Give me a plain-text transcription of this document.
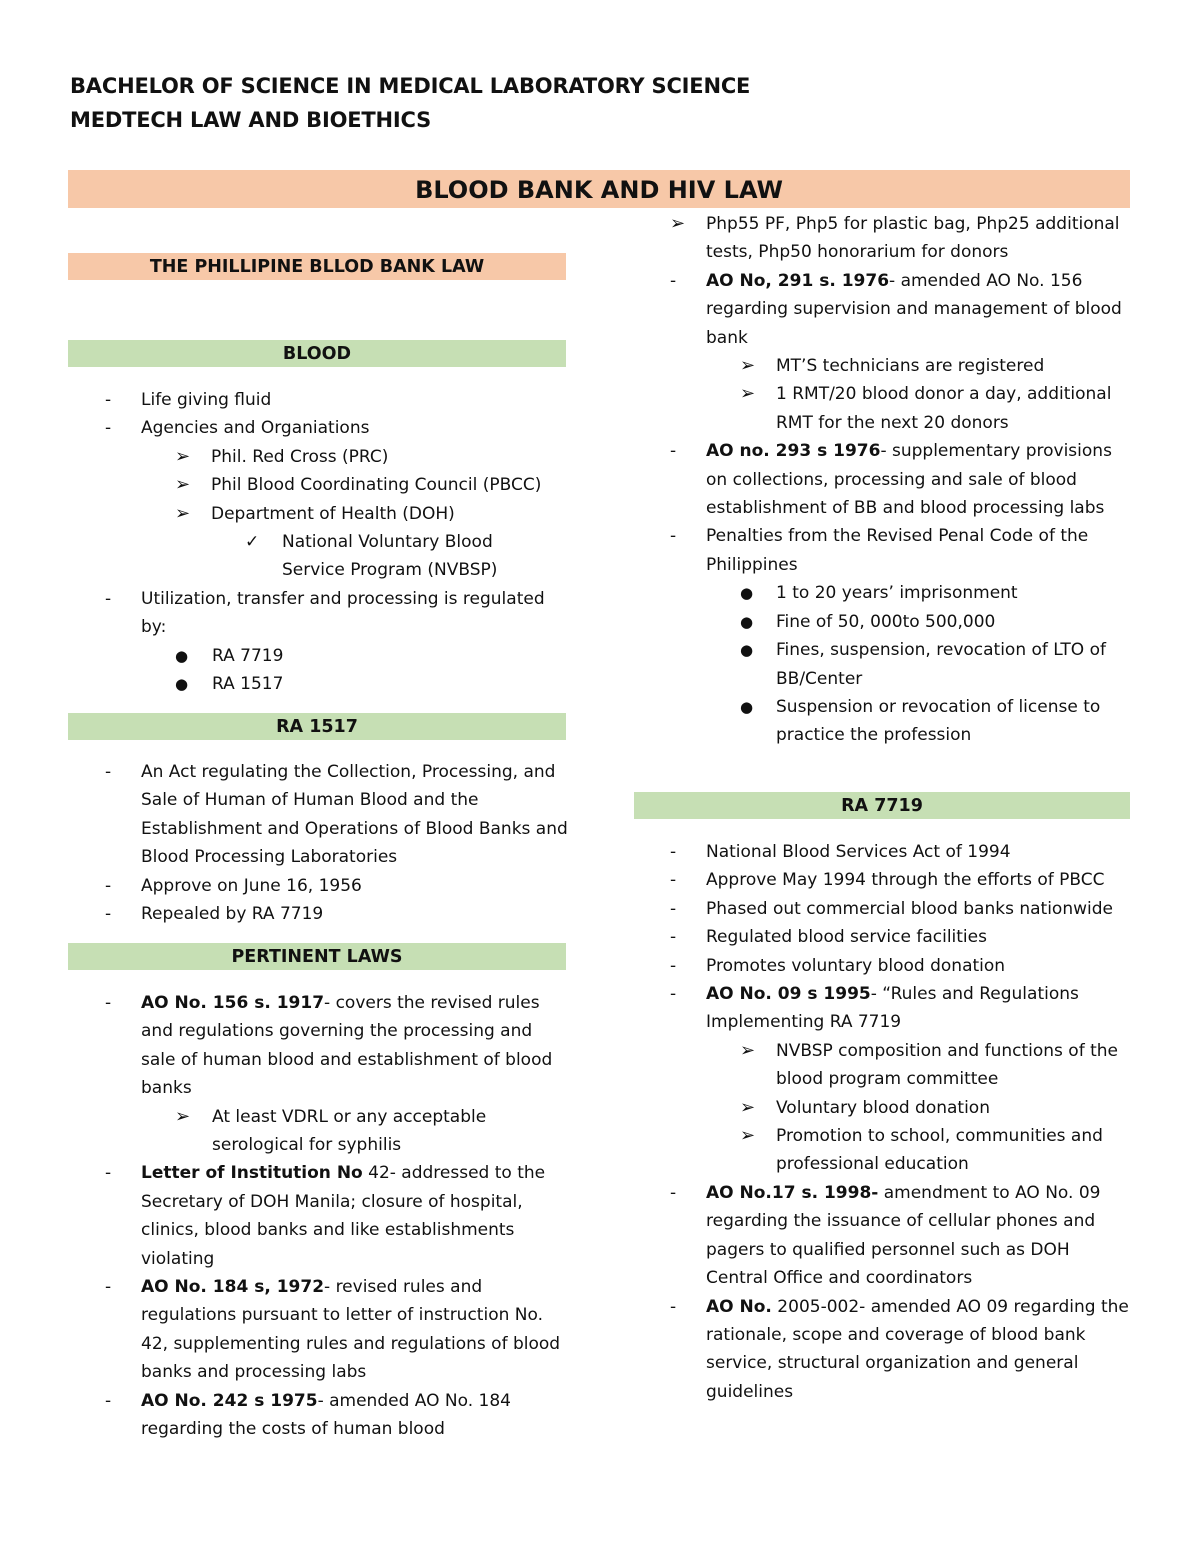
BACHELOR OF SCIENCE IN MEDICAL LABORATORY SCIENCE
MEDTECH LAW AND BIOETHICS
BLOOD BANK AND HIV LAW
THE PHILLIPINE BLLOD BANK LAW
BLOOD
- Life giving fluid
- Agencies and Organiations
➢ Phil. Red Cross (PRC)
➢ Phil Blood Coordinating Council (PBCC)
➢ Department of Health (DOH)
✓ National Voluntary Blood Service Program (NVBSP)
- Utilization, transfer and processing is regulated by:
● RA 7719
● RA 1517
RA 1517
- An Act regulating the Collection, Processing, and Sale of Human of Human Blood and the Establishment and Operations of Blood Banks and Blood Processing Laboratories
- Approve on June 16, 1956
- Repealed by RA 7719
PERTINENT LAWS
- AO No. 156 s. 1917- covers the revised rules and regulations governing the processing and sale of human blood and establishment of blood banks
➢ At least VDRL or any acceptable serological for syphilis
- Letter of Institution No 42- addressed to the Secretary of DOH Manila; closure of hospital, clinics, blood banks and like establishments violating
- AO No. 184 s, 1972- revised rules and regulations pursuant to letter of instruction No. 42, supplementing rules and regulations of blood banks and processing labs
- AO No. 242 s 1975- amended AO No. 184 regarding the costs of human blood
➢ Php55 PF, Php5 for plastic bag, Php25 additional tests, Php50 honorarium for donors
- AO No, 291 s. 1976- amended AO No. 156 regarding supervision and management of blood bank
➢ MT’S technicians are registered
➢ 1 RMT/20 blood donor a day, additional RMT for the next 20 donors
- AO no. 293 s 1976- supplementary provisions on collections, processing and sale of blood establishment of BB and blood processing labs
- Penalties from the Revised Penal Code of the Philippines
● 1 to 20 years’ imprisonment
● Fine of 50, 000to 500,000
● Fines, suspension, revocation of LTO of BB/Center
● Suspension or revocation of license to practice the profession
RA 7719
- National Blood Services Act of 1994
- Approve May 1994 through the efforts of PBCC
- Phased out commercial blood banks nationwide
- Regulated blood service facilities
- Promotes voluntary blood donation
- AO No. 09 s 1995- “Rules and Regulations Implementing RA 7719
➢ NVBSP composition and functions of the blood program committee
➢ Voluntary blood donation
➢ Promotion to school, communities and professional education
- AO No.17 s. 1998- amendment to AO No. 09 regarding the issuance of cellular phones and pagers to qualified personnel such as DOH Central Office and coordinators
- AO No. 2005-002- amended AO 09 regarding the rationale, scope and coverage of blood bank service, structural organization and general guidelines
